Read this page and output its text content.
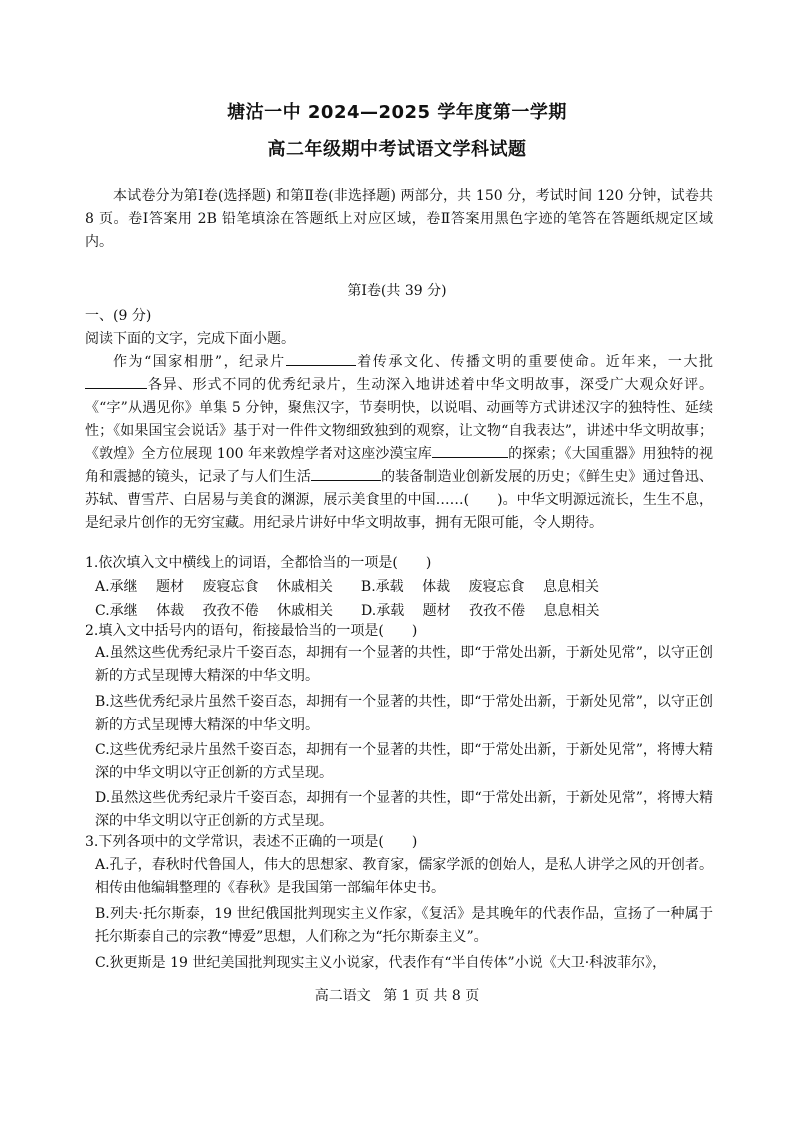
塘沽一中 2024—2025 学年度第一学期
高二年级期中考试语文学科试题
本试卷分为第Ⅰ卷(选择题) 和第Ⅱ卷(非选择题) 两部分，共 150 分，考试时间 120 分钟，试卷共 8 页。卷Ⅰ答案用 2B 铅笔填涂在答题纸上对应区域，卷Ⅱ答案用黑色字迹的笔答在答题纸规定区域内。
第Ⅰ卷(共 39 分)
一、(9 分)
阅读下面的文字，完成下面小题。
作为“国家相册”，纪录片	着传承文化、传播文明的重要使命。近年来，一大批各异、形式不同的优秀纪录片，生动深入地讲述着中华文明故事，深受广大观众好评。《“字”从遇见你》单集 5 分钟，聚焦汉字，节奏明快，以说唱、动画等方式讲述汉字的独特性、延续性；《如果国宝会说话》基于对一件件文物细致独到的观察，让文物“自我表达”，讲述中华文明故事；《敦煌》全方位展现 100 年来敦煌学者对这座沙漠宝库	的探索；《大国重器》用独特的视角和震撼的镜头，记录了与人们生活	的装备制造业创新发展的历史；《鲜生史》通过鲁迅、苏轼、曹雪芹、白居易与美食的渊源，展示美食里的中国……(　　)。中华文明源远流长，生生不息，是纪录片创作的无穷宝藏。用纪录片讲好中华文明故事，拥有无限可能，令人期待。
1.依次填入文中横线上的词语，全都恰当的一项是(　　)
A.承继　 题材　 废寝忘食　 休戚相关　　B.承载　 体裁　 废寝忘食　 息息相关
C.承继　 体裁　 孜孜不倦　 休戚相关　　D.承载　 题材　 孜孜不倦　 息息相关
2.填入文中括号内的语句，衔接最恰当的一项是(　　)
A.虽然这些优秀纪录片千姿百态，却拥有一个显著的共性，即“于常处出新，于新处见常”，以守正创新的方式呈现博大精深的中华文明。
B.这些优秀纪录片虽然千姿百态，却拥有一个显著的共性，即“于常处出新，于新处见常”，以守正创新的方式呈现博大精深的中华文明。
C.这些优秀纪录片虽然千姿百态，却拥有一个显著的共性，即“于常处出新，于新处见常”，将博大精深的中华文明以守正创新的方式呈现。
D.虽然这些优秀纪录片千姿百态，却拥有一个显著的共性，即“于常处出新，于新处见常”，将博大精深的中华文明以守正创新的方式呈现。
3.下列各项中的文学常识，表述不正确的一项是(　　)
A.孔子，春秋时代鲁国人，伟大的思想家、教育家，儒家学派的创始人，是私人讲学之风的开创者。相传由他编辑整理的《春秋》是我国第一部编年体史书。
B.列夫·托尔斯泰，19 世纪俄国批判现实主义作家，《复活》是其晚年的代表作品，宣扬了一种属于托尔斯泰自己的宗教“博爱”思想，人们称之为“托尔斯泰主义”。
C.狄更斯是 19 世纪美国批判现实主义小说家，代表作有“半自传体”小说《大卫·科波菲尔》，
高二语文 第 1 页 共 8 页
